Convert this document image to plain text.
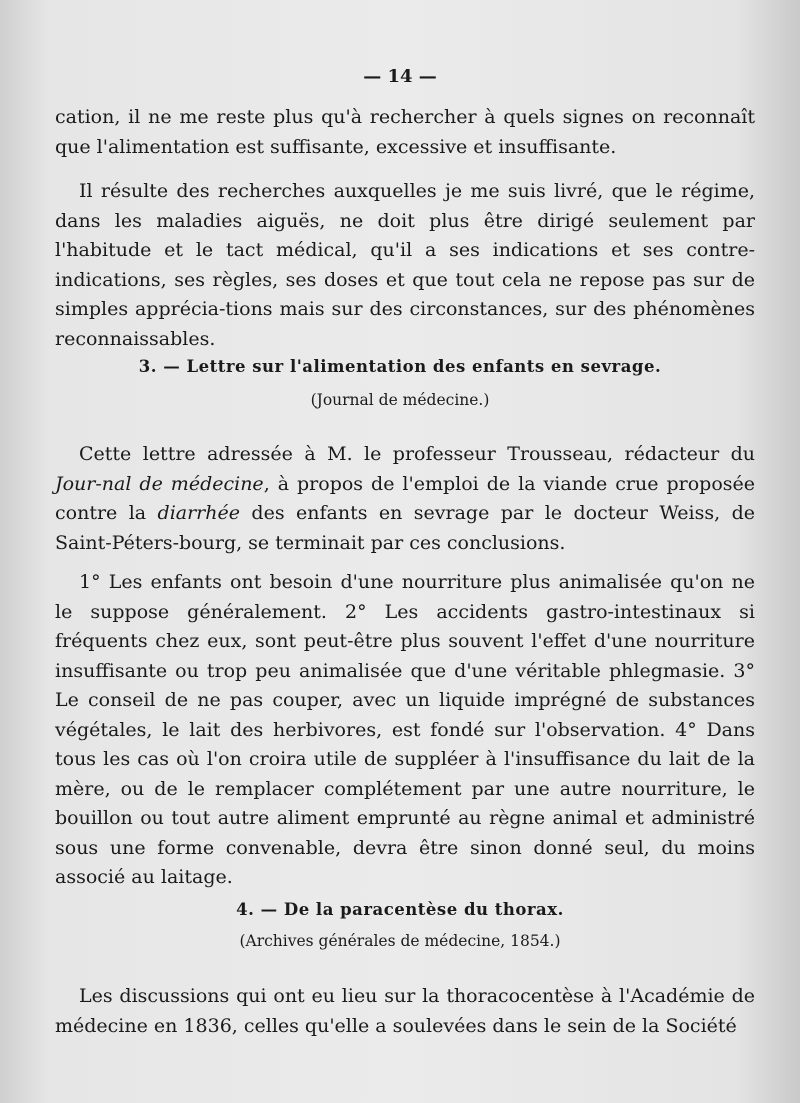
— 14 —

cation, il ne me reste plus qu'à rechercher à quels signes on reconnaît que l'alimentation est suffisante, excessive et insuffisante.

Il résulte des recherches auxquelles je me suis livré, que le régime, dans les maladies aiguës, ne doit plus être dirigé seulement par l'habitude et le tact médical, qu'il a ses indications et ses contre-indications, ses règles, ses doses et que tout cela ne repose pas sur de simples apprécia-tions mais sur des circonstances, sur des phénomènes reconnaissables.

3. — Lettre sur l'alimentation des enfants en sevrage.
(Journal de médecine.)

Cette lettre adressée à M. le professeur Trousseau, rédacteur du Jour-nal de médecine, à propos de l'emploi de la viande crue proposée contre la diarrhée des enfants en sevrage par le docteur Weiss, de Saint-Péters-bourg, se terminait par ces conclusions.

1° Les enfants ont besoin d'une nourriture plus animalisée qu'on ne le suppose généralement. 2° Les accidents gastro-intestinaux si fréquents chez eux, sont peut-être plus souvent l'effet d'une nourriture insuffisante ou trop peu animalisée que d'une véritable phlegmasie. 3° Le conseil de ne pas couper, avec un liquide imprégné de substances végétales, le lait des herbivores, est fondé sur l'observation. 4° Dans tous les cas où l'on croira utile de suppléer à l'insuffisance du lait de la mère, ou de le remplacer complétement par une autre nourriture, le bouillon ou tout autre aliment emprunté au règne animal et administré sous une forme convenable, devra être sinon donné seul, du moins associé au laitage.

4. — De la paracentèse du thorax.
(Archives générales de médecine, 1854.)

Les discussions qui ont eu lieu sur la thoracocentèse à l'Académie de médecine en 1836, celles qu'elle a soulevées dans le sein de la Société
